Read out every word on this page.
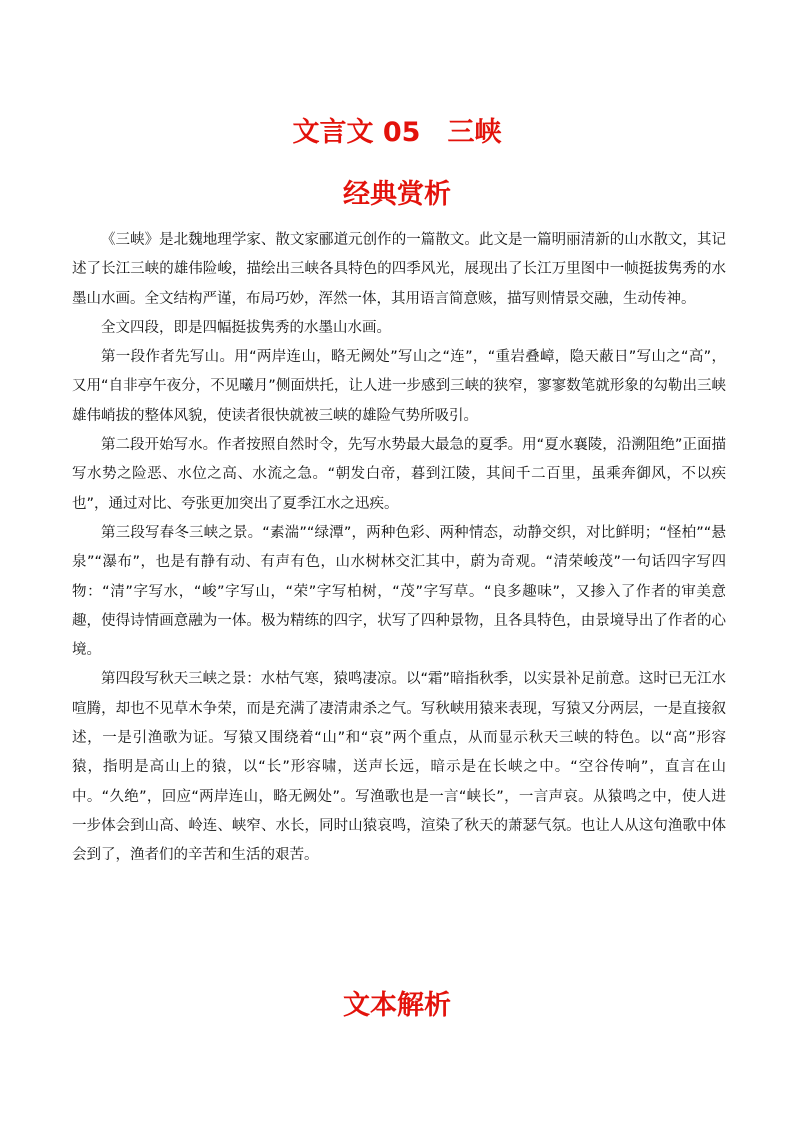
文言文 05　三峡
经典赏析

《三峡》是北魏地理学家、散文家郦道元创作的一篇散文。此文是一篇明丽清新的山水散文，其记述了长江三峡的雄伟险峻，描绘出三峡各具特色的四季风光，展现出了长江万里图中一帧挺拔隽秀的水墨山水画。全文结构严谨，布局巧妙，浑然一体，其用语言简意赅，描写则情景交融，生动传神。

全文四段，即是四幅挺拔隽秀的水墨山水画。

第一段作者先写山。用“两岸连山，略无阙处”写山之“连”，“重岩叠嶂，隐天蔽日”写山之“高”，又用“自非亭午夜分，不见曦月”侧面烘托，让人进一步感到三峡的狭窄，寥寥数笔就形象的勾勒出三峡雄伟峭拔的整体风貌，使读者很快就被三峡的雄险气势所吸引。

第二段开始写水。作者按照自然时令，先写水势最大最急的夏季。用“夏水襄陵，沿溯阻绝”正面描写水势之险恶、水位之高、水流之急。“朝发白帝，暮到江陵，其间千二百里，虽乘奔御风，不以疾也”，通过对比、夸张更加突出了夏季江水之迅疾。

第三段写春冬三峡之景。“素湍”“绿潭”，两种色彩、两种情态，动静交织，对比鲜明；“怪柏”“悬泉”“瀑布”，也是有静有动、有声有色，山水树林交汇其中，蔚为奇观。“清荣峻茂”一句话四字写四物：“清”字写水，“峻”字写山，“荣”字写柏树，“茂”字写草。“良多趣味”，又掺入了作者的审美意趣，使得诗情画意融为一体。极为精练的四字，状写了四种景物，且各具特色，由景境导出了作者的心境。

第四段写秋天三峡之景：水枯气寒，猿鸣凄凉。以“霜”暗指秋季，以实景补足前意。这时已无江水喧腾，却也不见草木争荣，而是充满了凄清肃杀之气。写秋峡用猿来表现，写猿又分两层，一是直接叙述，一是引渔歌为证。写猿又围绕着“山”和“哀”两个重点，从而显示秋天三峡的特色。以“高”形容猿，指明是高山上的猿，以“长”形容啸，送声长远，暗示是在长峡之中。“空谷传响”，直言在山中。“久绝”，回应“两岸连山，略无阙处”。写渔歌也是一言“峡长”，一言声哀。从猿鸣之中，使人进一步体会到山高、岭连、峡窄、水长，同时山猿哀鸣，渲染了秋天的萧瑟气氛。也让人从这句渔歌中体会到了，渔者们的辛苦和生活的艰苦。

文本解析
